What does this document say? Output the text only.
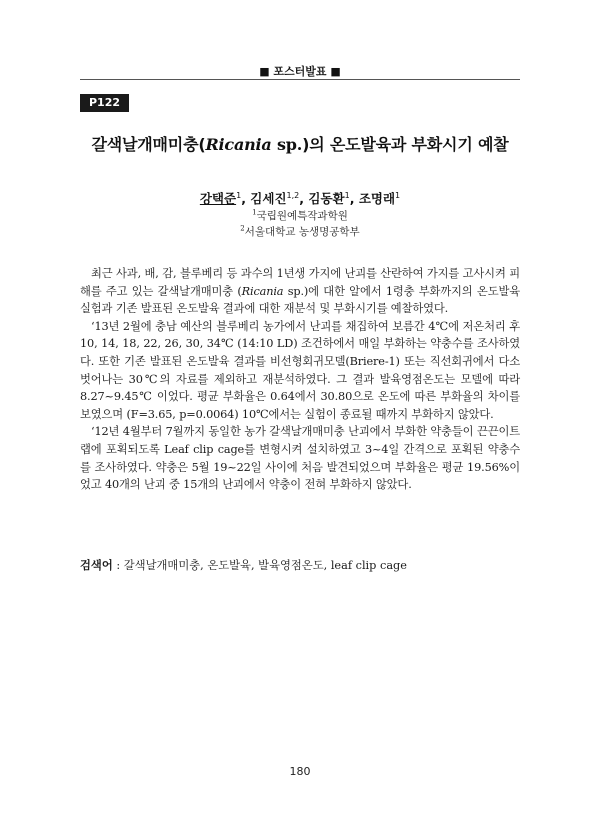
■ 포스터발표 ■
P122
갈색날개매미충(Ricania sp.)의 온도발육과 부화시기 예찰
강택준$^1$, 김세진$^{1,2}$, 김동환$^1$, 조명래$^1$
$^1$국립원예특작과학원
$^2$서울대학교 농생명공학부

최근 사과, 배, 감, 블루베리 등 과수의 1년생 가지에 난괴를 산란하여 가지를 고사시켜 피해를 주고 있는 갈색날개매미충 (Ricania sp.)에 대한 알에서 1령충 부화까지의 온도발육실험과 기존 발표된 온도발육 결과에 대한 재분석 및 부화시기를 예찰하였다.

‘13년 2월에 충남 예산의 블루베리 농가에서 난괴를 채집하여 보름간 4℃에 저온처리 후 10, 14, 18, 22, 26, 30, 34℃ (14:10 LD) 조건하에서 매일 부화하는 약충수를 조사하였다. 또한 기존 발표된 온도발육 결과를 비선형회귀모델(Briere-1) 또는 직선회귀에서 다소 벗어나는 30℃의 자료를 제외하고 재분석하였다. 그 결과 발육영점온도는 모델에 따라 8.27~9.45℃ 이었다. 평균 부화율은 0.64에서 30.80으로 온도에 따른 부화율의 차이를 보였으며 (F=3.65, p=0.0064) 10℃에서는 실험이 종료될 때까지 부화하지 않았다.

‘12년 4월부터 7월까지 동일한 농가 갈색날개매미충 난괴에서 부화한 약충들이 끈끈이트랩에 포획되도록 Leaf clip cage를 변형시켜 설치하였고 3~4일 간격으로 포획된 약충수를 조사하였다. 약충은 5월 19~22일 사이에 처음 발견되었으며 부화율은 평균 19.56%이었고 40개의 난괴 중 15개의 난괴에서 약충이 전혀 부화하지 않았다.

검색어 : 갈색날개매미충, 온도발육, 발육영점온도, leaf clip cage
180
